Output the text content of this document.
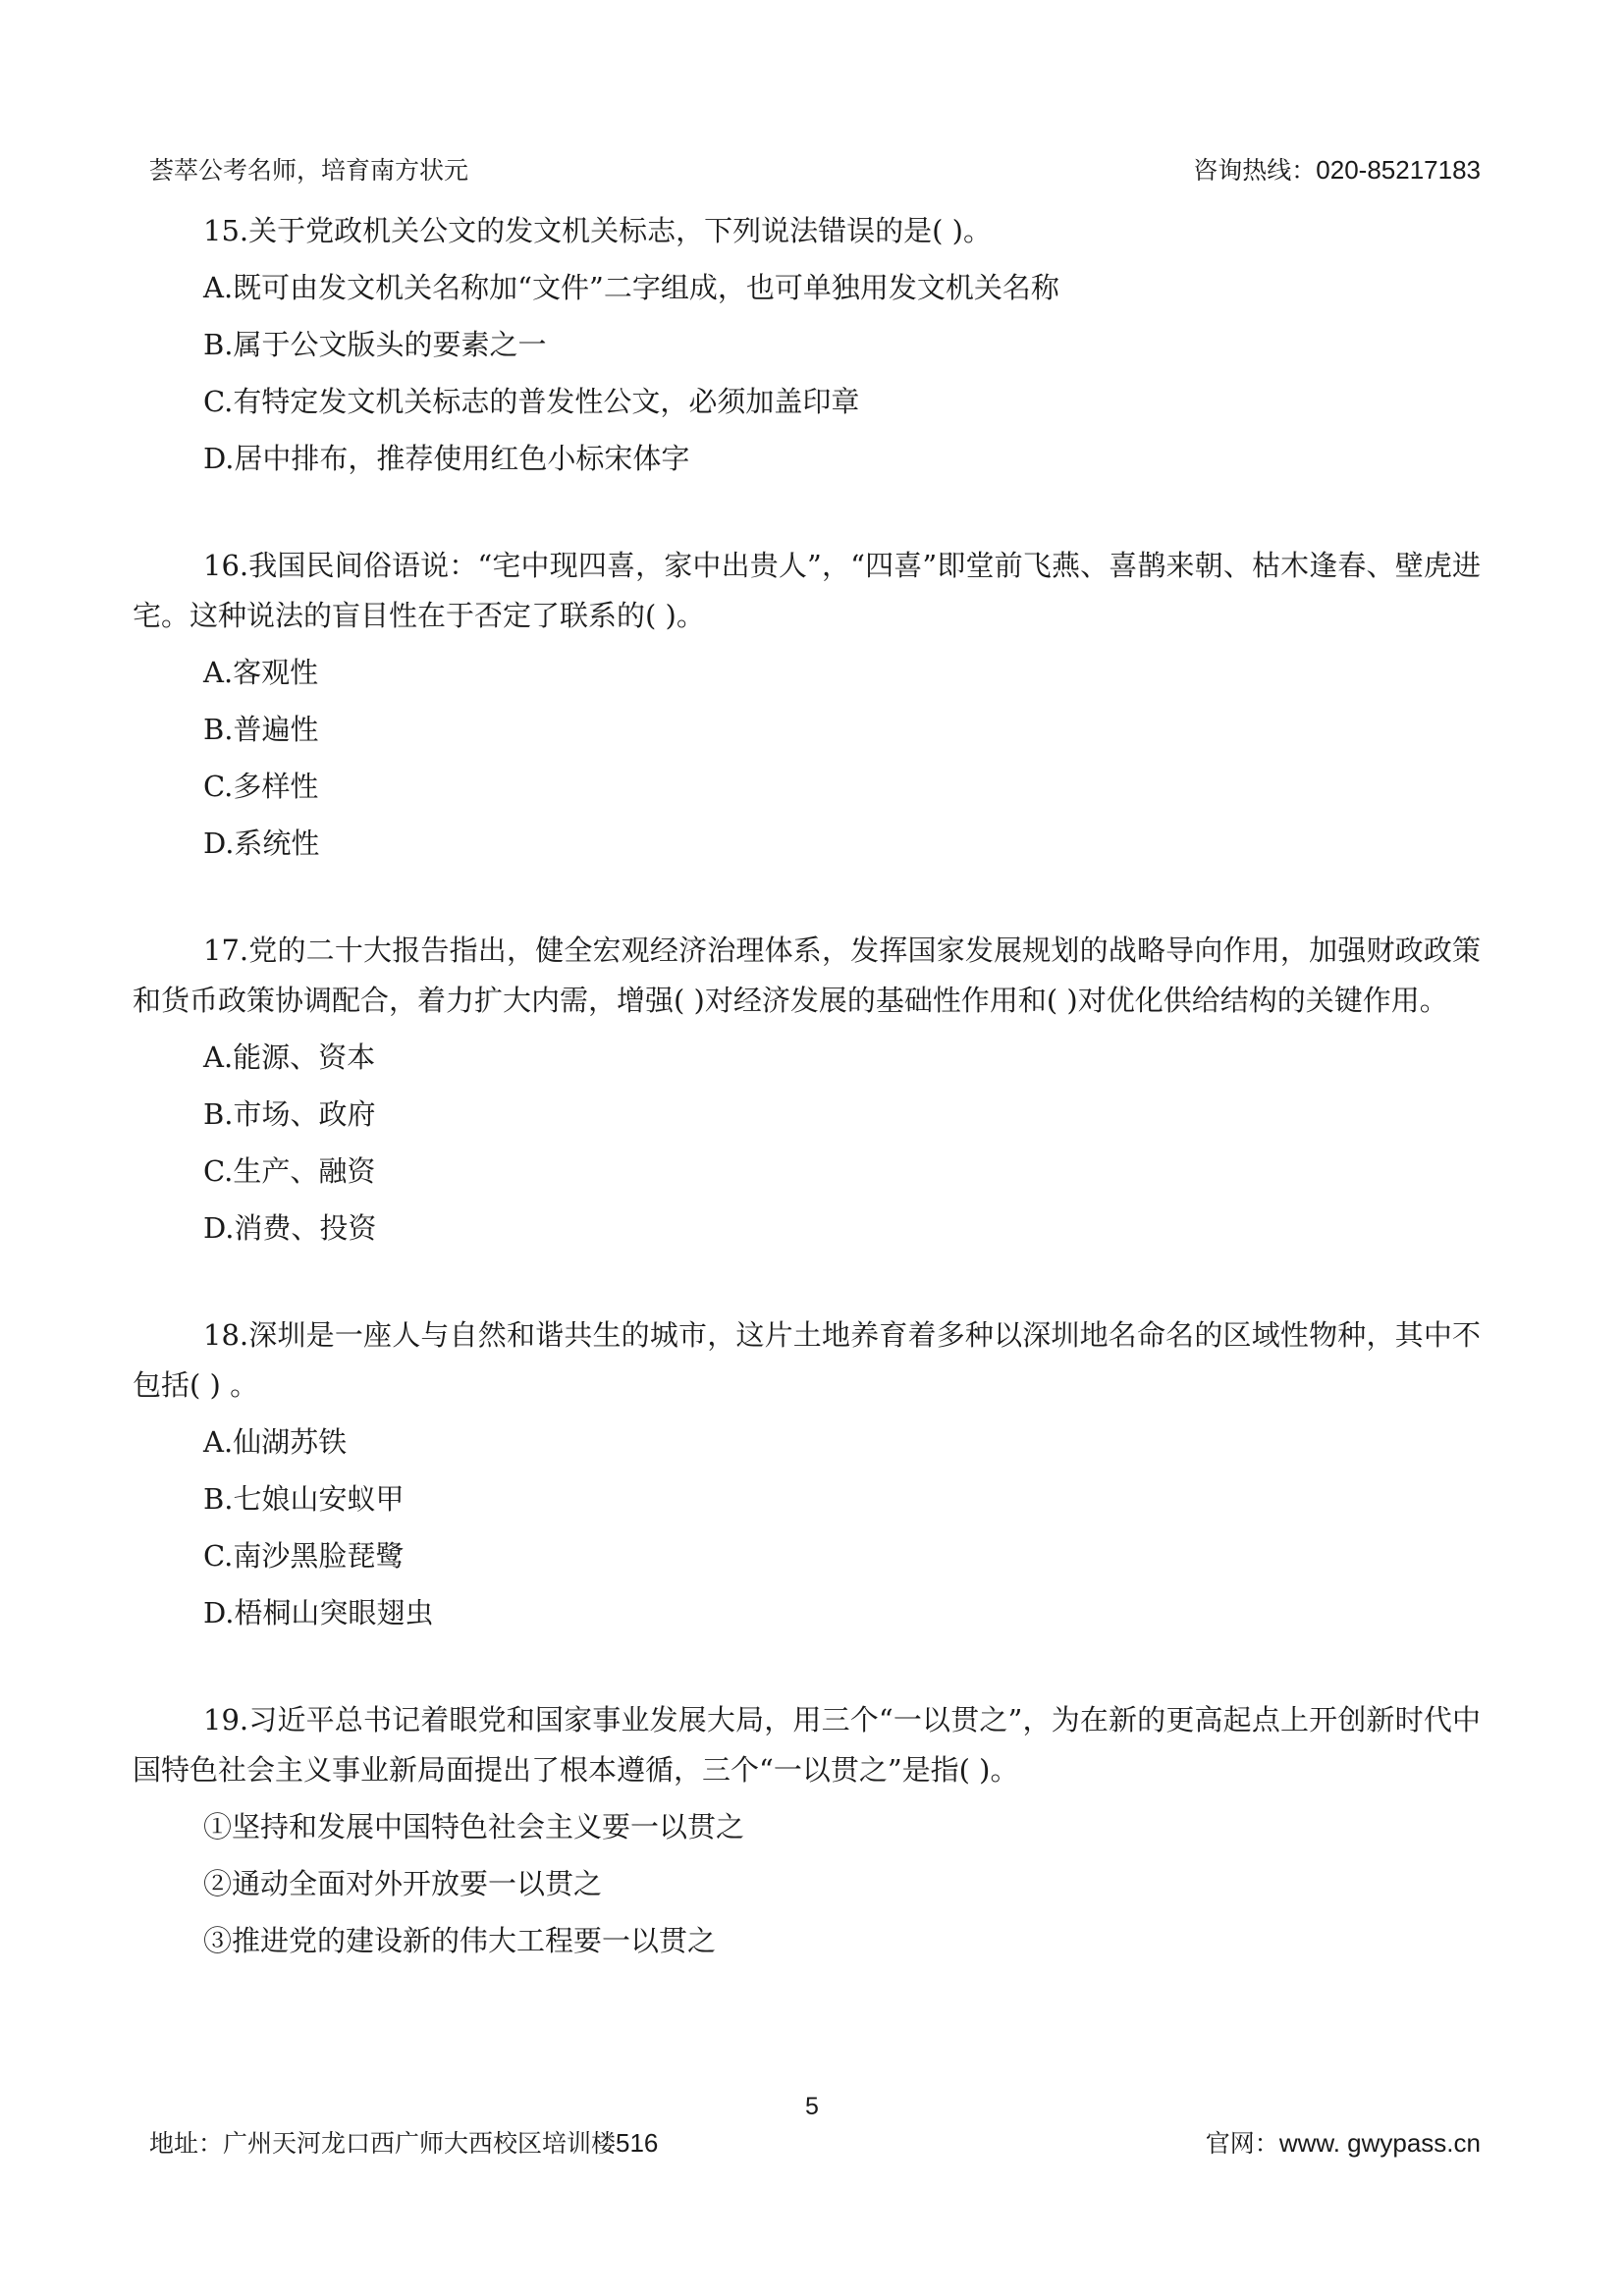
荟萃公考名师，培育南方状元	咨询热线：020-85217183

15.关于党政机关公文的发文机关标志，下列说法错误的是( )。

A.既可由发文机关名称加“文件”二字组成，也可单独用发文机关名称
B.属于公文版头的要素之一
C.有特定发文机关标志的普发性公文，必须加盖印章
D.居中排布，推荐使用红色小标宋体字

16.我国民间俗语说：“宅中现四喜，家中出贵人”，“四喜”即堂前飞燕、喜鹊来朝、枯木逢春、壁虎进宅。这种说法的盲目性在于否定了联系的( )。

A.客观性
B.普遍性
C.多样性
D.系统性

17.党的二十大报告指出，健全宏观经济治理体系，发挥国家发展规划的战略导向作用，加强财政政策 和货币政策协调配合，着力扩大内需，增强( )对经济发展的基础性作用和( )对优化供给结构的关键作用。

A.能源、资本
B.市场、政府
C.生产、融资
D.消费、投资

18.深圳是一座人与自然和谐共生的城市，这片土地养育着多种以深圳地名命名的区域性物种，其中不包括( ) 。

A.仙湖苏铁
B.七娘山安蚁甲
C.南沙黑脸琵鹭
D.梧桐山突眼翅虫

19.习近平总书记着眼党和国家事业发展大局，用三个“一以贯之”，为在新的更高起点上开创新时代中国特色社会主义事业新局面提出了根本遵循，三个“一以贯之”是指( )。

①坚持和发展中国特色社会主义要一以贯之
②通动全面对外开放要一以贯之
③推进党的建设新的伟大工程要一以贯之
5
地址：广州天河龙口西广师大西校区培训楼516	官网：www. gwypass.cn
